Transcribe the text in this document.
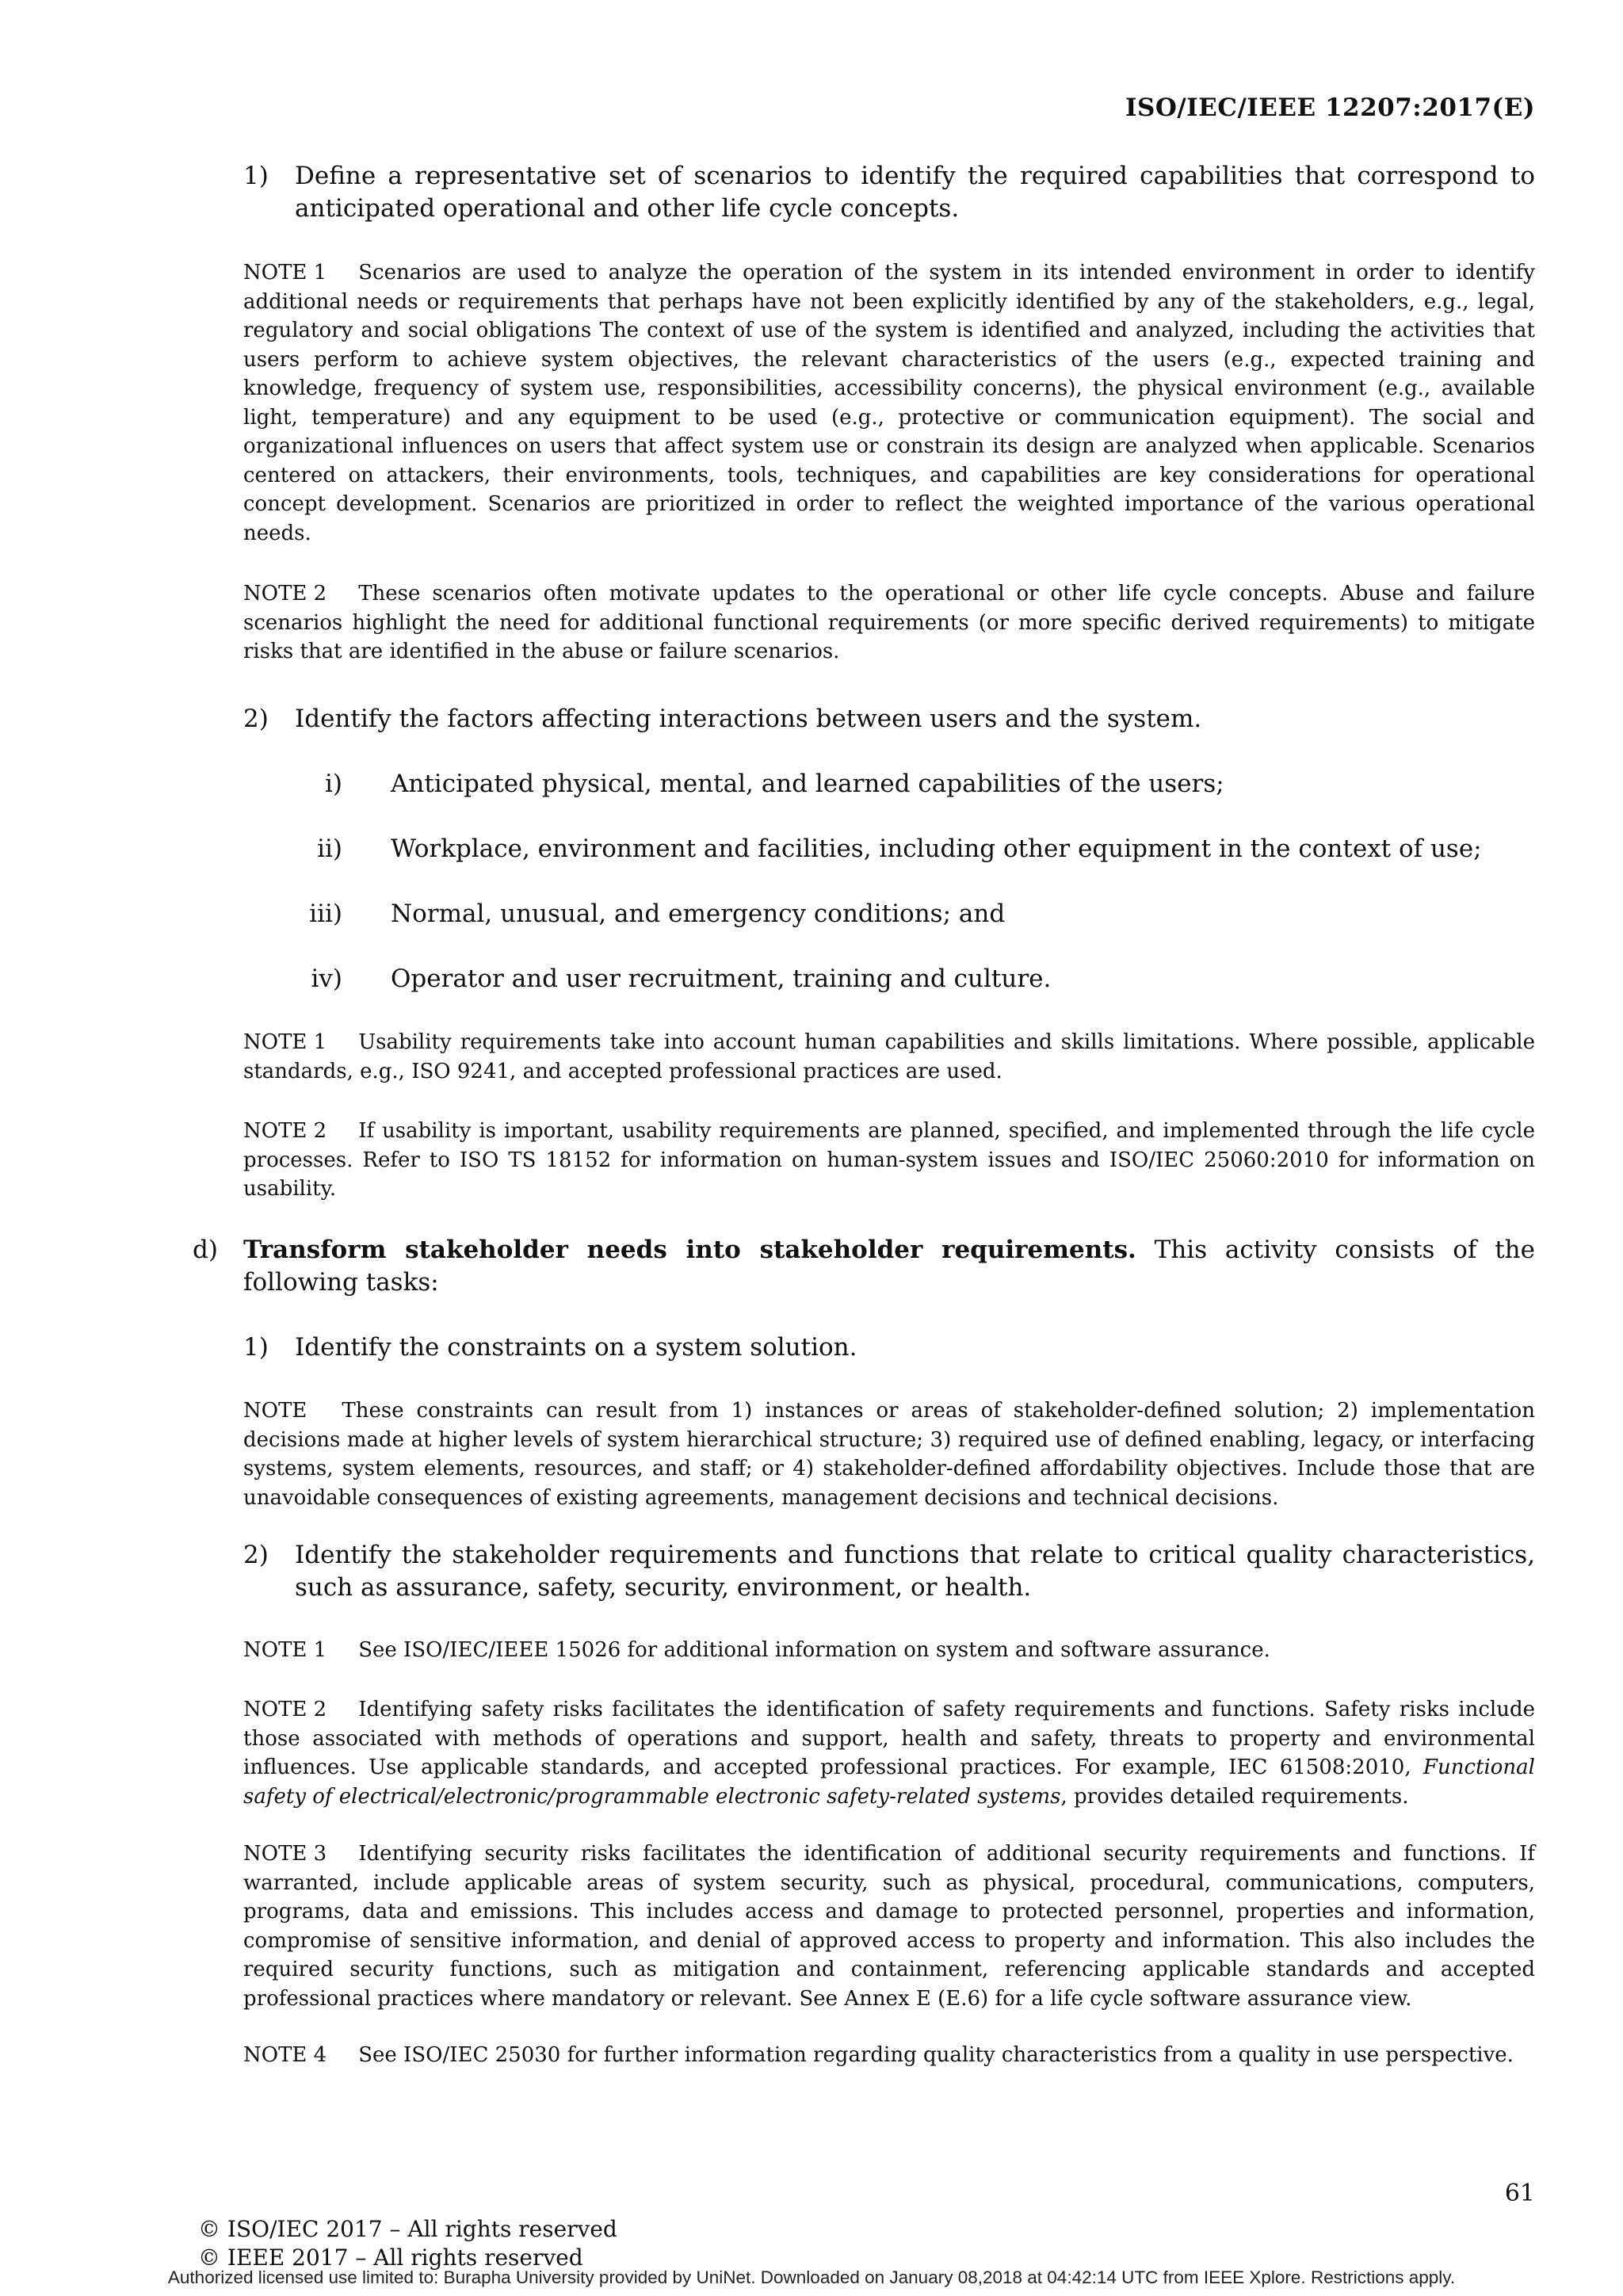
ISO/IEC/IEEE 12207:2017(E)
1)	Define a representative set of scenarios to identify the required capabilities that correspond to anticipated operational and other life cycle concepts.
NOTE 1 Scenarios are used to analyze the operation of the system in its intended environment in order to identify additional needs or requirements that perhaps have not been explicitly identified by any of the stakeholders, e.g., legal, regulatory and social obligations The context of use of the system is identified and analyzed, including the activities that users perform to achieve system objectives, the relevant characteristics of the users (e.g., expected training and knowledge, frequency of system use, responsibilities, accessibility concerns), the physical environment (e.g., available light, temperature) and any equipment to be used (e.g., protective or communication equipment). The social and organizational influences on users that affect system use or constrain its design are analyzed when applicable. Scenarios centered on attackers, their environments, tools, techniques, and capabilities are key considerations for operational concept development. Scenarios are prioritized in order to reflect the weighted importance of the various operational needs.
NOTE 2 These scenarios often motivate updates to the operational or other life cycle concepts. Abuse and failure scenarios highlight the need for additional functional requirements (or more specific derived requirements) to mitigate risks that are identified in the abuse or failure scenarios.
2)	Identify the factors affecting interactions between users and the system.
i) Anticipated physical, mental, and learned capabilities of the users;
ii) Workplace, environment and facilities, including other equipment in the context of use;
iii) Normal, unusual, and emergency conditions; and
iv) Operator and user recruitment, training and culture.
NOTE 1 Usability requirements take into account human capabilities and skills limitations. Where possible, applicable standards, e.g., ISO 9241, and accepted professional practices are used.
NOTE 2 If usability is important, usability requirements are planned, specified, and implemented through the life cycle processes. Refer to ISO TS 18152 for information on human-system issues and ISO/IEC 25060:2010 for information on usability.
d)	Transform stakeholder needs into stakeholder requirements. This activity consists of the following tasks:
1)	Identify the constraints on a system solution.
NOTE These constraints can result from 1) instances or areas of stakeholder-defined solution; 2) implementation decisions made at higher levels of system hierarchical structure; 3) required use of defined enabling, legacy, or interfacing systems, system elements, resources, and staff; or 4) stakeholder-defined affordability objectives. Include those that are unavoidable consequences of existing agreements, management decisions and technical decisions.
2)	Identify the stakeholder requirements and functions that relate to critical quality characteristics, such as assurance, safety, security, environment, or health.
NOTE 1 See ISO/IEC/IEEE 15026 for additional information on system and software assurance.
NOTE 2 Identifying safety risks facilitates the identification of safety requirements and functions. Safety risks include those associated with methods of operations and support, health and safety, threats to property and environmental influences. Use applicable standards, and accepted professional practices. For example, IEC 61508:2010, Functional safety of electrical/electronic/programmable electronic safety-related systems, provides detailed requirements.
NOTE 3 Identifying security risks facilitates the identification of additional security requirements and functions. If warranted, include applicable areas of system security, such as physical, procedural, communications, computers, programs, data and emissions. This includes access and damage to protected personnel, properties and information, compromise of sensitive information, and denial of approved access to property and information. This also includes the required security functions, such as mitigation and containment, referencing applicable standards and accepted professional practices where mandatory or relevant. See Annex E (E.6) for a life cycle software assurance view.
NOTE 4 See ISO/IEC 25030 for further information regarding quality characteristics from a quality in use perspective.
61
© ISO/IEC 2017 – All rights reserved
© IEEE 2017 – All rights reserved
Authorized licensed use limited to: Burapha University provided by UniNet. Downloaded on January 08,2018 at 04:42:14 UTC from IEEE Xplore. Restrictions apply.
